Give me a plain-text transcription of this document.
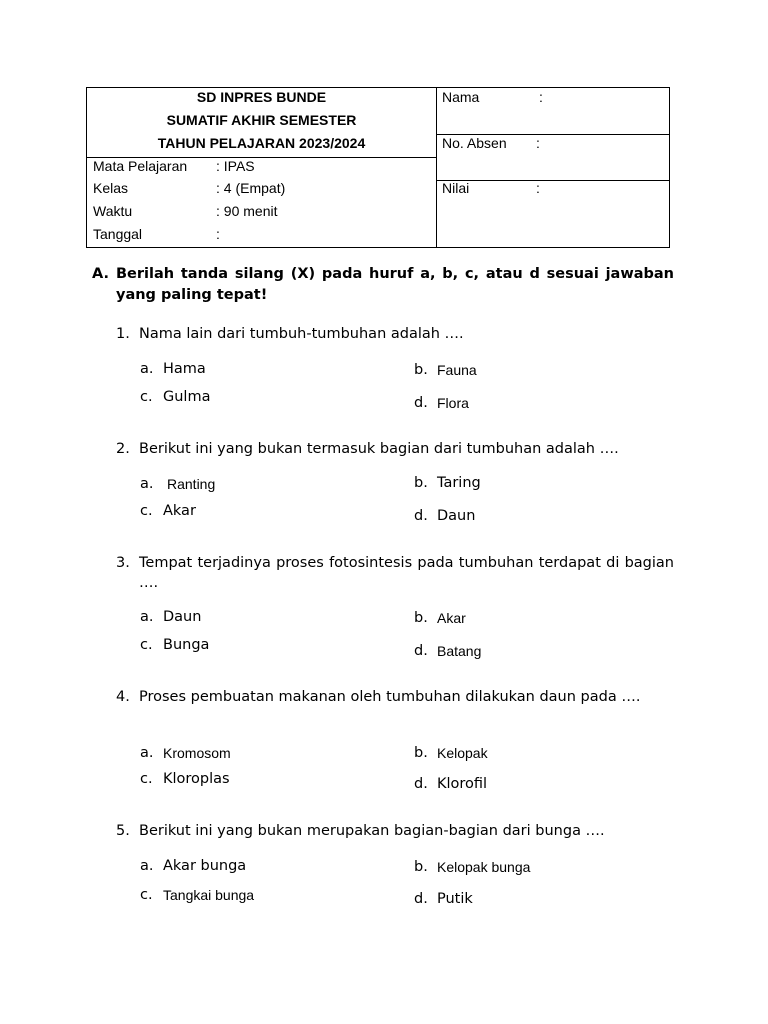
SD INPRES BUNDE
SUMATIF AKHIR SEMESTER
TAHUN PELAJARAN 2023/2024
Mata Pelajaran : IPAS
Kelas	: 4 (Empat)
Waktu	: 90 menit
Tanggal	:
Nama	:
No. Absen :
Nilai	:
A. Berilah tanda silang (X) pada huruf a, b, c, atau d sesuai jawaban yang paling tepat!
1. Nama lain dari tumbuh-tumbuhan adalah ….
a. Hama	b. Fauna
c. Gulma	d. Flora
2. Berikut ini yang bukan termasuk bagian dari tumbuhan adalah ….
a. Ranting	b. Taring
c. Akar	d. Daun
3. Tempat terjadinya proses fotosintesis pada tumbuhan terdapat di bagian ….
a. Daun	b. Akar
c. Bunga	d. Batang
4. Proses pembuatan makanan oleh tumbuhan dilakukan daun pada ….
a. Kromosom	b. Kelopak
c. Kloroplas	d. Klorofil
5. Berikut ini yang bukan merupakan bagian-bagian dari bunga ….
a. Akar bunga	b. Kelopak bunga
c. Tangkai bunga	d. Putik
